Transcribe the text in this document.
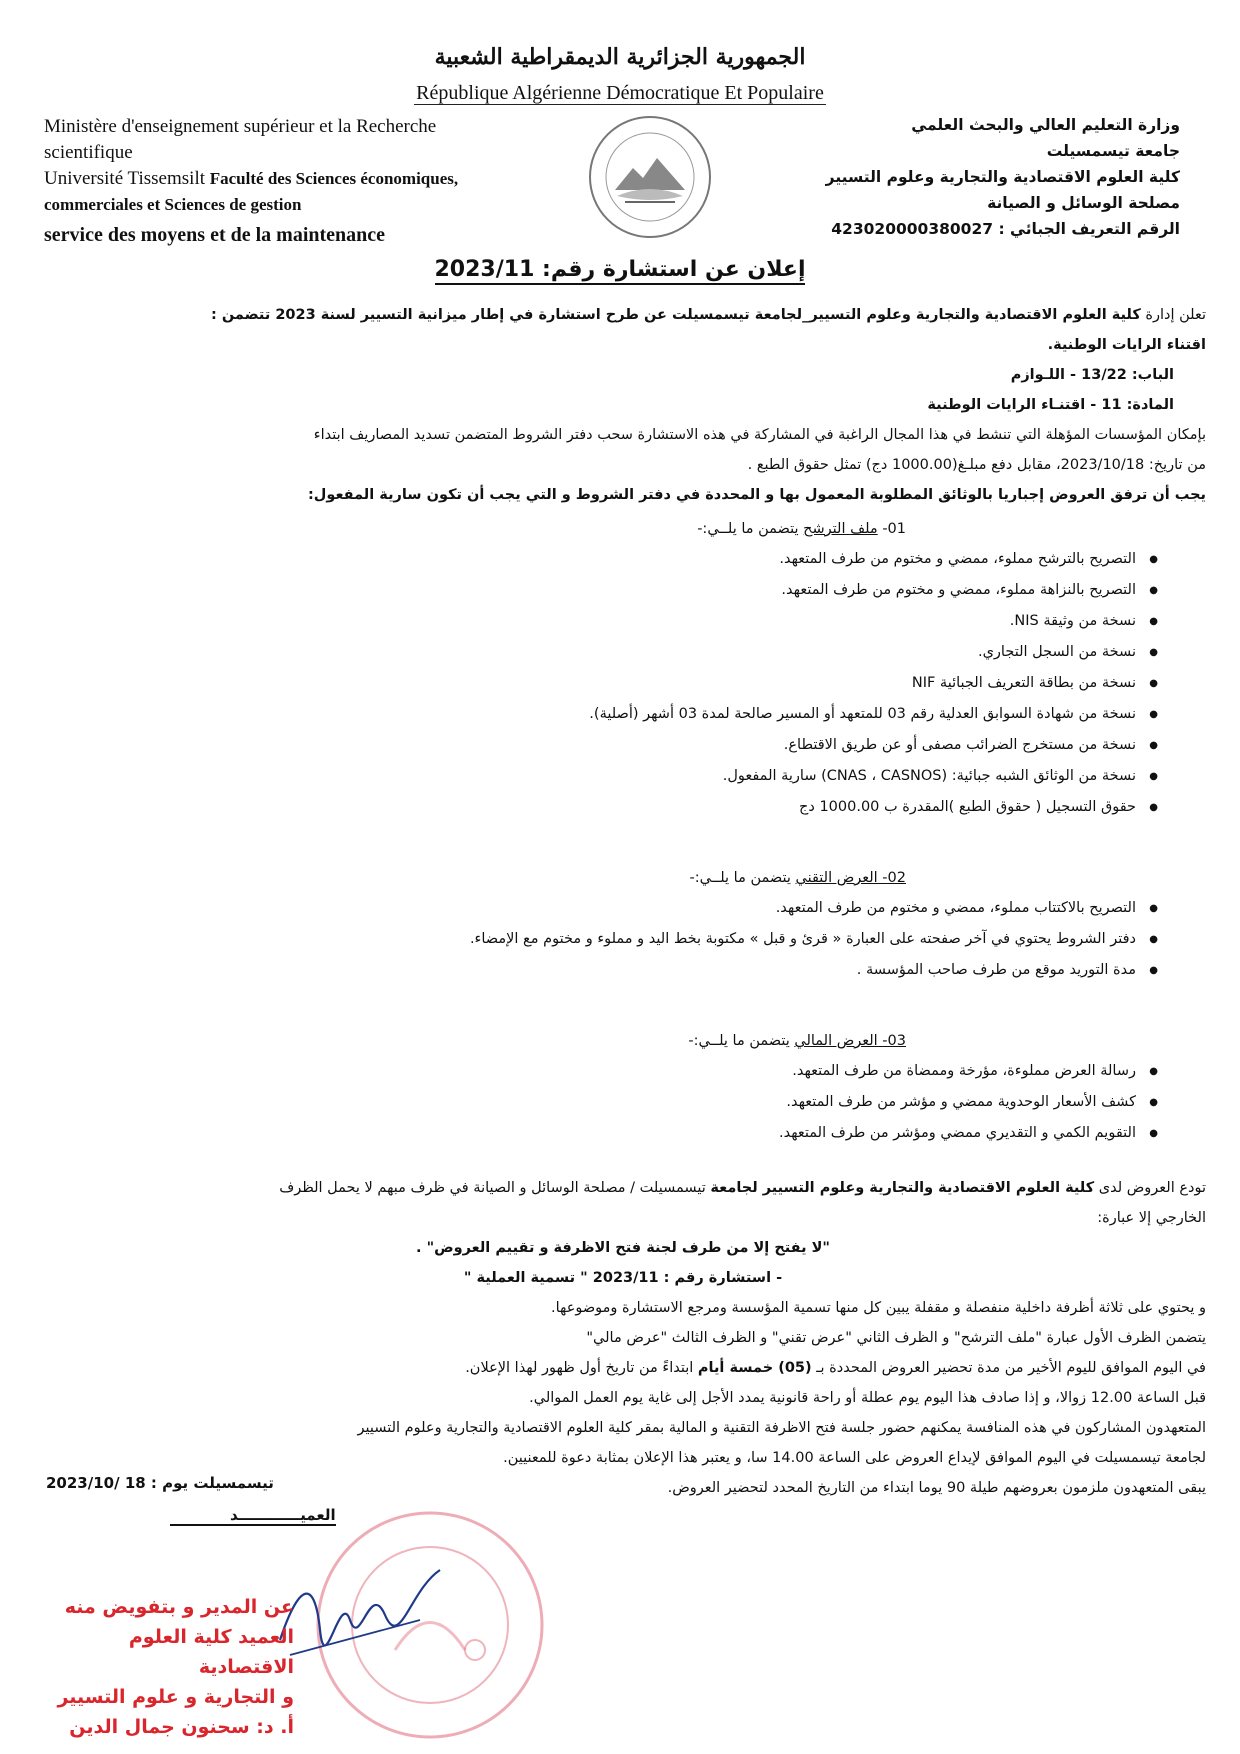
الجمهورية الجزائرية الديمقراطية الشعبية
République Algérienne Démocratique Et Populaire
Ministère d'enseignement supérieur et la Recherche
scientifique
Université Tissemsilt Faculté des Sciences économiques,
commerciales et Sciences de gestion
service des moyens et de la maintenance
وزارة التعليم العالي والبحث العلمي
جامعة تيسمسيلت
كلية العلوم الاقتصادية والتجارية وعلوم التسيير
مصلحة الوسائل و الصيانة
الرقم التعريف الجبائي : 423020000380027
إعلان عن استشارة رقم: 2023/11

تعلن إدارة كلية العلوم الاقتصادية والتجارية وعلوم التسيير_لجامعة تيسمسيلت عن طرح استشارة في إطار ميزانية التسيير لسنة 2023 تتضمن :

اقتناء الرايات الوطنية.

الباب: 13/22 - اللـوازم

المادة: 11 - اقتنـاء الرايات الوطنية

بإمكان المؤسسات المؤهلة التي تنشط في هذا المجال الراغبة في المشاركة في هذه الاستشارة سحب دفتر الشروط المتضمن تسديد المصاريف ابتداء

من تاريخ: 2023/10/18، مقابل دفع مبلـغ(1000.00 دج) تمثل حقوق الطبع .

يجب أن ترفق العروض إجباريا بالوثائق المطلوبة المعمول بها و المحددة في دفتر الشروط و التي يجب أن تكون سارية المفعول:

01- ملف الترشح يتضمن ما يلــي:-

● التصريح بالترشح مملوء، ممضي و مختوم من طرف المتعهد.
● التصريح بالنزاهة مملوء، ممضي و مختوم من طرف المتعهد.
● نسخة من وثيقة NIS.
● نسخة من السجل التجاري.
● نسخة من بطاقة التعريف الجبائية NIF
● نسخة من شهادة السوابق العدلية رقم 03 للمتعهد أو المسير صالحة لمدة 03 أشهر (أصلية).
● نسخة من مستخرج الضرائب مصفى أو عن طريق الاقتطاع.
● نسخة من الوثائق الشبه جبائية: (CNAS ، CASNOS) سارية المفعول.
● حقوق التسجيل ( حقوق الطبع )المقدرة ب 1000.00 دج

02- العرض التقني يتضمن ما يلــي:-

● التصريح بالاكتتاب مملوء، ممضي و مختوم من طرف المتعهد.
● دفتر الشروط يحتوي في آخر صفحته على العبارة « قرئ و قبل » مكتوبة بخط اليد و مملوء و مختوم مع الإمضاء.
● مدة التوريد موقع من طرف صاحب المؤسسة .

03- العرض المالي يتضمن ما يلــي:-

● رسالة العرض مملوءة، مؤرخة وممضاة من طرف المتعهد.
● كشف الأسعار الوحدوية ممضي و مؤشر من طرف المتعهد.
● التقويم الكمي و التقديري ممضي ومؤشر من طرف المتعهد.

تودع العروض لدى كلية العلوم الاقتصادية والتجارية وعلوم التسيير لجامعة تيسمسيلت / مصلحة الوسائل و الصيانة في ظرف مبهم لا يحمل الظرف

الخارجي إلا عبارة:

"لا يفتح إلا من طرف لجنة فتح الاظرفة و تقييم العروض" .

- استشارة رقم : 2023/11 " تسمية العملية "

و يحتوي على ثلاثة أظرفة داخلية منفصلة و مقفلة يبين كل منها تسمية المؤسسة ومرجع الاستشارة وموضوعها.

يتضمن الظرف الأول عبارة "ملف الترشح" و الظرف الثاني "عرض تقني" و الظرف الثالث "عرض مالي"

في اليوم الموافق لليوم الأخير من مدة تحضير العروض المحددة بـ (05) خمسة أيام ابتداءً من تاريخ أول ظهور لهذا الإعلان.

قبل الساعة 12.00 زوالا، و إذا صادف هذا اليوم يوم عطلة أو راحة قانونية يمدد الأجل إلى غاية يوم العمل الموالي.

المتعهدون المشاركون في هذه المنافسة يمكنهم حضور جلسة فتح الاظرفة التقنية و المالية بمقر كلية العلوم الاقتصادية والتجارية وعلوم التسيير

لجامعة تيسمسيلت في اليوم الموافق لإيداع العروض على الساعة 14.00 سا، و يعتبر هذا الإعلان بمثابة دعوة للمعنيين.

يبقى المتعهدون ملزمون بعروضهم طيلة 90 يوما ابتداء من التاريخ المحدد لتحضير العروض.

تيسمسيلت يوم : 18 /2023/10
العميــــــــــــد
عن المدير و بتفويض منه
العميد كلية العلوم الاقتصادية
و التجارية و علوم التسيير
أ. د: سحنون جمال الدين
